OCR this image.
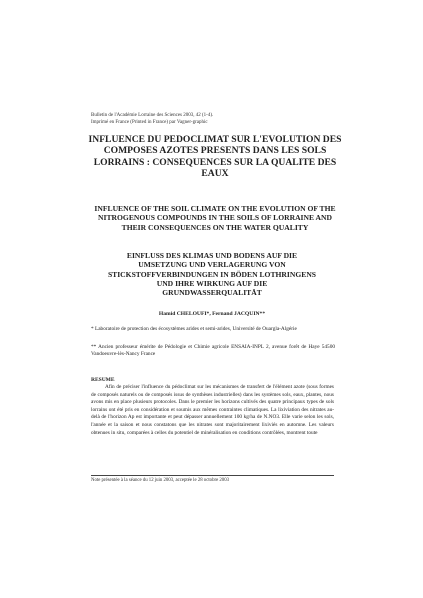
Bulletin de l'Académie Lorraine des Sciences 2003, 42 (1-4).
Imprimé en France (Printed in France) par Vagner-graphic
INFLUENCE DU PEDOCLIMAT SUR L'EVOLUTION DES COMPOSES AZOTES PRESENTS DANS LES SOLS LORRAINS : CONSEQUENCES SUR LA QUALITE DES EAUX
INFLUENCE OF THE SOIL CLIMATE ON THE EVOLUTION OF THE NITROGENOUS COMPOUNDS IN THE SOILS OF LORRAINE AND THEIR CONSEQUENCES ON THE WATER QUALITY
EINFLUSS DES KLIMAS UND BODENS AUF DIE UMSETZUNG UND VERLAGERUNG VON STICKSTOFFVERBINDUNGEN IN BÖDEN LOTHRINGENS UND IHRE WIRKUNG AUF DIE GRUNDWASSERQUALITÄT
Hamid CHELOUFI*, Fernand JACQUIN**
* Laboratoire de protection des écosystèmes arides et semi-arides, Université de Ouargla-Algérie
** Ancien professeur émérite de Pédologie et Chimie agricole ENSAIA-INPL 2, avenue forêt de Haye 54500 Vandoeuvre-lès-Nancy France
RESUME
Afin de préciser l'influence du pédoclimat sur les mécanismes de transfert de l'élément azote (sous formes de composés naturels ou de composés issus de synthèses industrielles) dans les systèmes sols, eaux, plantes, nous avons mis en place plusieurs protocoles. Dans le premier les horizons cultivés des quatre principaux types de sols lorrains ont été pris en considération et soumis aux mêmes contraintes climatiques. La lixiviation des nitrates au-delà de l'horizon Ap est importante et peut dépasser annuellement 100 kg/ha de N.NO3. Elle varie selon les sols, l'année et la saison et nous constatons que les nitrates sont majoritairement lixiviés en automne. Les valeurs obtenues in situ, comparées à celles du potentiel de minéralisation en conditions contrôlées, montrent toute
Note présentée à la séance du 12 juin 2003, acceptée le 28 octobre 2003
